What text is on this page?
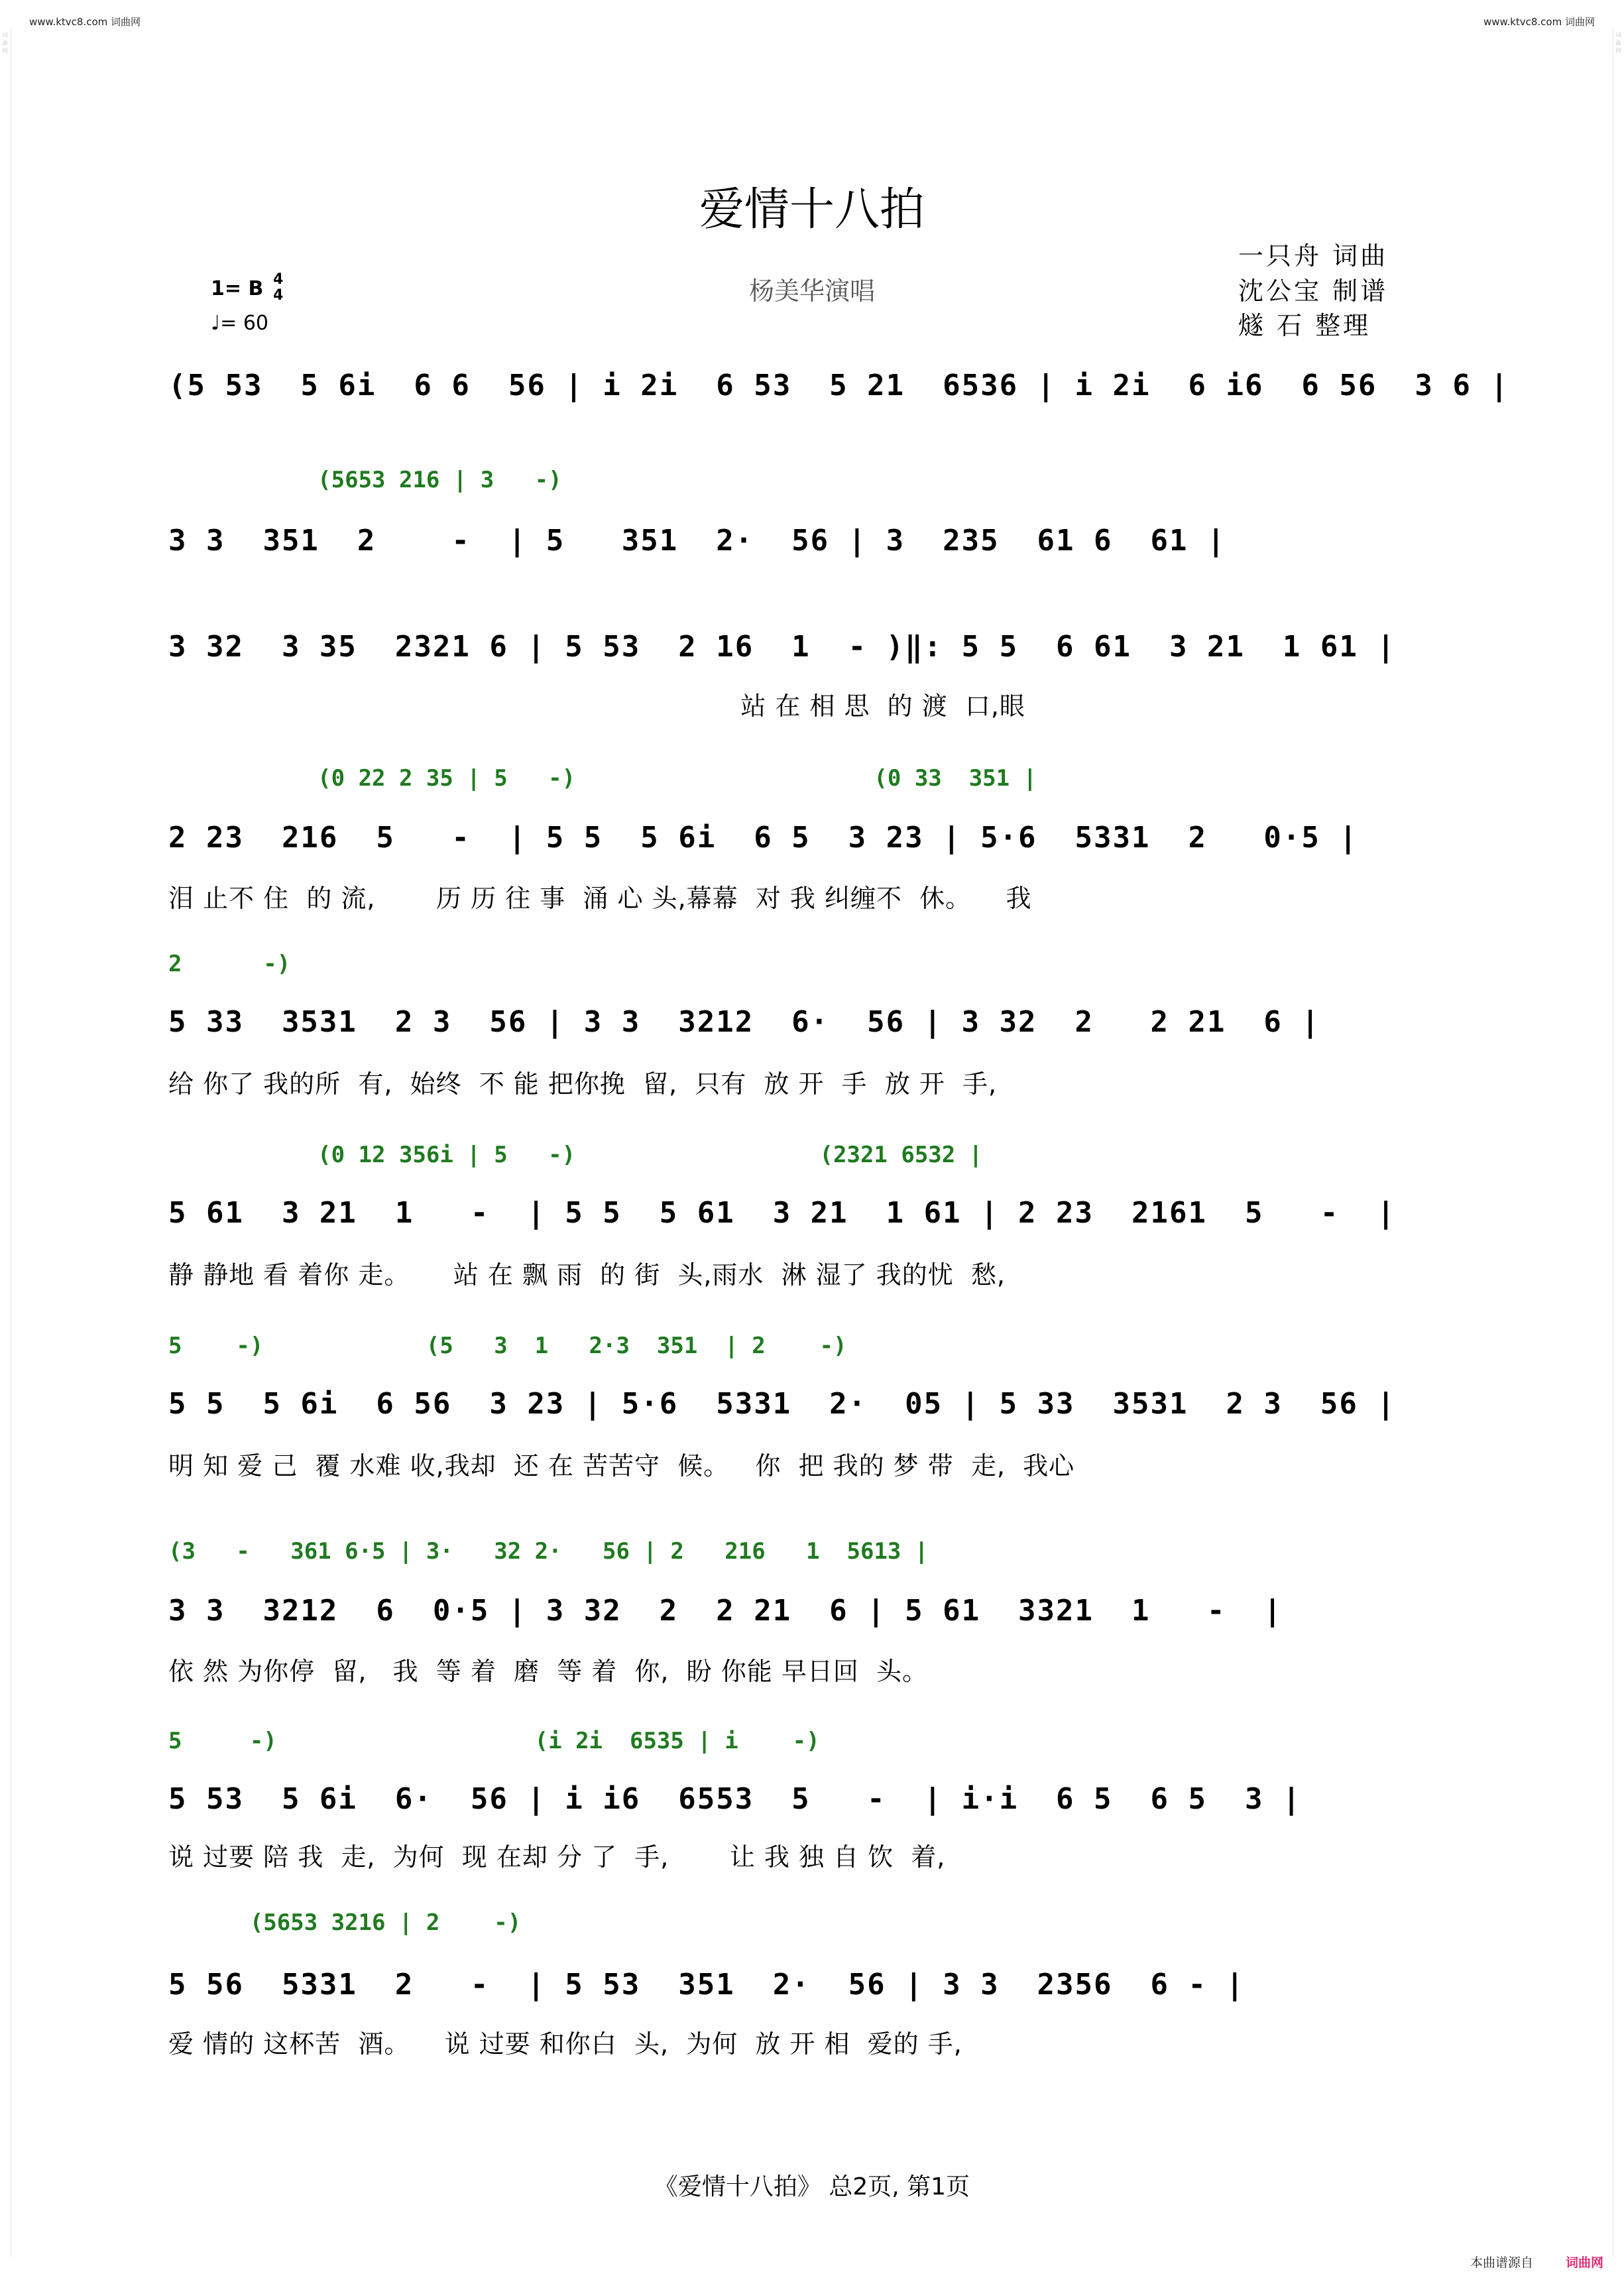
词 曲 网	词 曲 网
www.ktvc8.com 词曲网	www.ktvc8.com 词曲网
爱情十八拍
一只舟 词曲
沈公宝 制谱
燧 石 整理
杨美华演唱
1= B 4
4
♩= 60
(5 53  5 6i  6 6  56 | i 2i  6 53  5 21  6536 | i 2i  6 i6  6 56  3 6 |
(5653 216 | 3   -)
3 3  351  2    -  | 5   351  2·  56 | 3  235  61 6  61 |
3 32  3 35  2321 6 | 5 53  2 16  1  - )‖: 5 5  6 61  3 21  1 61 |
站 在 相 思  的 渡  口,眼
(0 22 2 35 | 5   -)                      (0 33  351 |
2 23  216  5   -  | 5 5  5 6i  6 5  3 23 | 5·6  5331  2   0·5 |
泪 止不 住  的 流,       历 历 往 事  涌 心 头,幕幕  对 我 纠缠不  休。    我
2      -)
5 33  3531  2 3  56 | 3 3  3212  6·  56 | 3 32  2   2 21  6 |
给 你了 我的所  有,  始终  不 能 把你挽  留,  只有  放 开  手  放 开  手,
(0 12 356i | 5   -)                  (2321 6532 |
5 61  3 21  1   -  | 5 5  5 61  3 21  1 61 | 2 23  2161  5   -  |
静 静地 看 着你 走。     站 在 飘 雨  的 街  头,雨水  淋 湿了 我的忧  愁,
5    -)            (5   3  1   2·3  351  | 2    -)
5 5  5 6i  6 56  3 23 | 5·6  5331  2·  05 | 5 33  3531  2 3  56 |
明 知 爱 己  覆 水难 收,我却  还 在 苦苦守  候。   你  把 我的 梦 带  走,  我心
(3   -   361 6·5 | 3·   32 2·   56 | 2   216   1  5613 |
3 3  3212  6  0·5 | 3 32  2  2 21  6 | 5 61  3321  1   -  |
依 然 为你停  留,   我  等 着  磨  等 着  你,  盼 你能 早日回  头。
5     -)                   (i 2i  6535 | i    -)
5 53  5 6i  6·  56 | i i6  6553  5   -  | i·i  6 5  6 5  3 |
说 过要 陪 我  走,  为何  现 在却 分 了  手,       让 我 独 自 饮  着,
(5653 3216 | 2    -)
5 56  5331  2   -  | 5 53  351  2·  56 | 3 3  2356  6 - |
爱 情的 这杯苦  酒。    说 过要 和你白  头,  为何  放 开 相  爱的 手,
《爱情十八拍》 总2页, 第1页
本曲谱源自	词曲网
